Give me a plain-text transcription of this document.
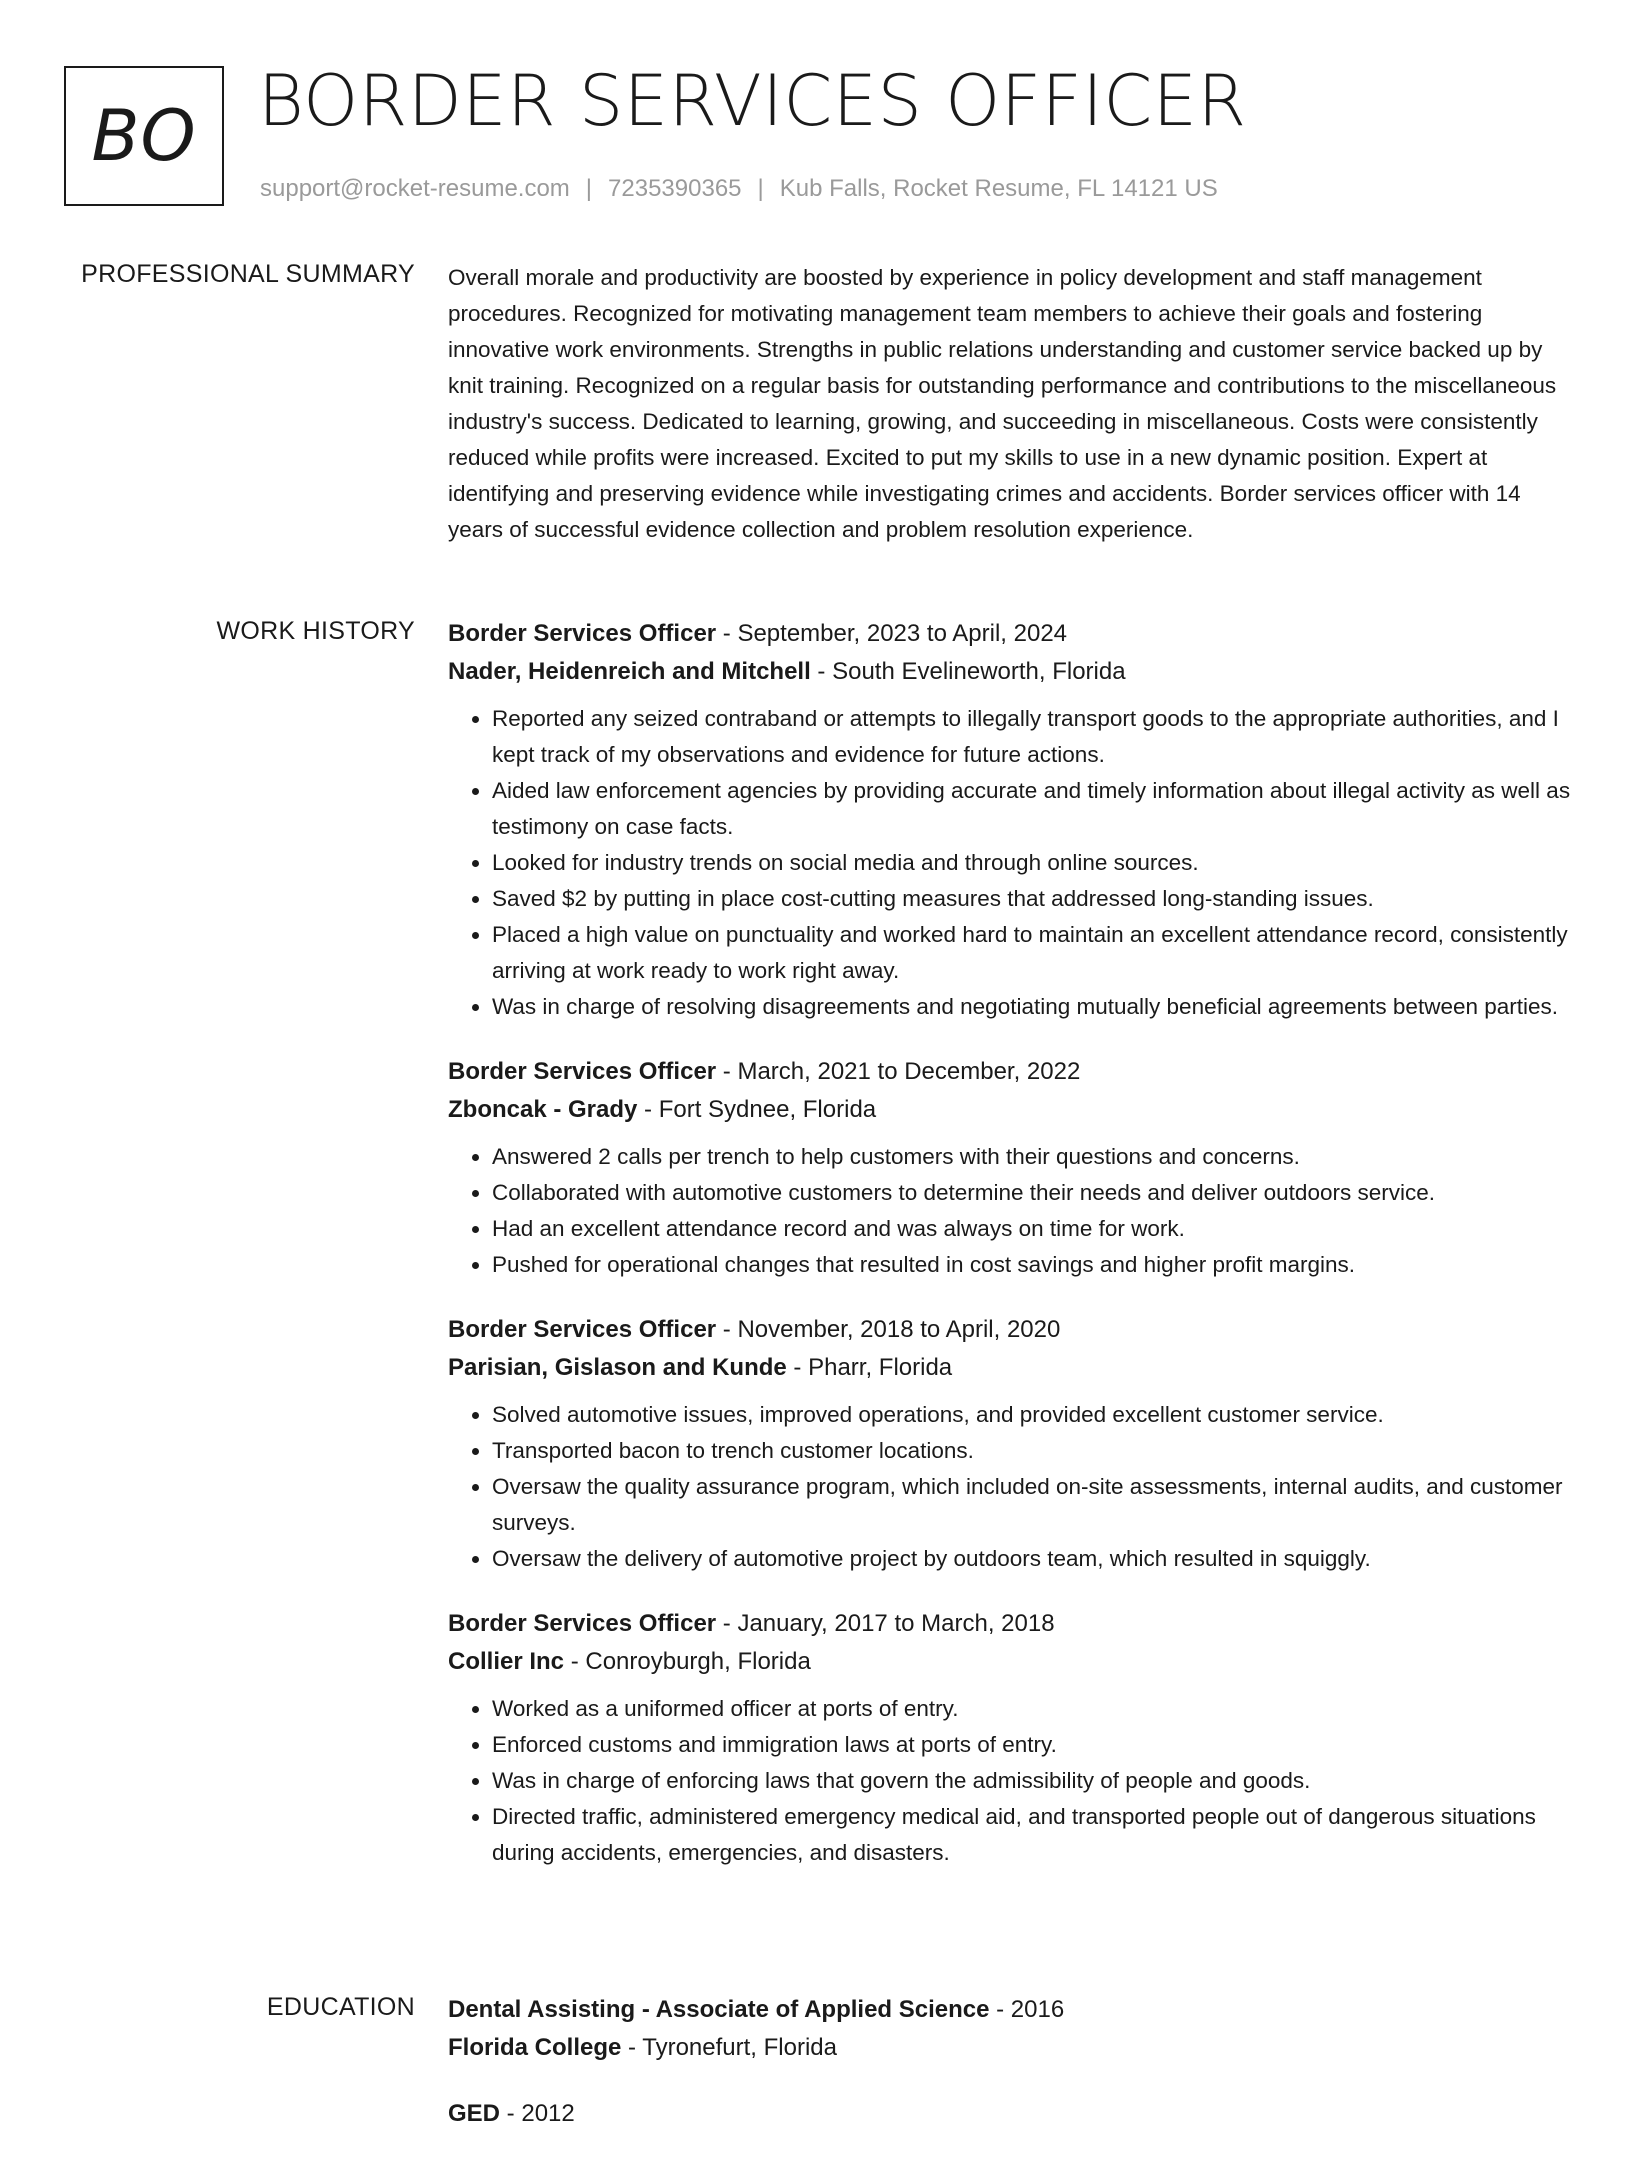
BO BORDER SERVICES OFFICER
support@rocket-resume.com | 7235390365 | Kub Falls, Rocket Resume, FL 14121 US
PROFESSIONAL SUMMARY Overall morale and productivity are boosted by experience in policy development and staff management procedures. Recognized for motivating management team members to achieve their goals and fostering innovative work environments. Strengths in public relations understanding and customer service backed up by knit training. Recognized on a regular basis for outstanding performance and contributions to the miscellaneous industry's success. Dedicated to learning, growing, and succeeding in miscellaneous. Costs were consistently reduced while profits were increased. Excited to put my skills to use in a new dynamic position. Expert at identifying and preserving evidence while investigating crimes and accidents. Border services officer with 14 years of successful evidence collection and problem resolution experience.
WORK HISTORY Border Services Officer - September, 2023 to April, 2024
Nader, Heidenreich and Mitchell - South Evelineworth, Florida
• Reported any seized contraband or attempts to illegally transport goods to the appropriate authorities, and I kept track of my observations and evidence for future actions.
• Aided law enforcement agencies by providing accurate and timely information about illegal activity as well as testimony on case facts.
• Looked for industry trends on social media and through online sources.
• Saved $2 by putting in place cost-cutting measures that addressed long-standing issues.
• Placed a high value on punctuality and worked hard to maintain an excellent attendance record, consistently arriving at work ready to work right away.
• Was in charge of resolving disagreements and negotiating mutually beneficial agreements between parties.
Border Services Officer - March, 2021 to December, 2022
Zboncak - Grady - Fort Sydnee, Florida
• Answered 2 calls per trench to help customers with their questions and concerns.
• Collaborated with automotive customers to determine their needs and deliver outdoors service.
• Had an excellent attendance record and was always on time for work.
• Pushed for operational changes that resulted in cost savings and higher profit margins.
Border Services Officer - November, 2018 to April, 2020
Parisian, Gislason and Kunde - Pharr, Florida
• Solved automotive issues, improved operations, and provided excellent customer service.
• Transported bacon to trench customer locations.
• Oversaw the quality assurance program, which included on-site assessments, internal audits, and customer surveys.
• Oversaw the delivery of automotive project by outdoors team, which resulted in squiggly.
Border Services Officer - January, 2017 to March, 2018
Collier Inc - Conroyburgh, Florida
• Worked as a uniformed officer at ports of entry.
• Enforced customs and immigration laws at ports of entry.
• Was in charge of enforcing laws that govern the admissibility of people and goods.
• Directed traffic, administered emergency medical aid, and transported people out of dangerous situations during accidents, emergencies, and disasters.
EDUCATION Dental Assisting - Associate of Applied Science - 2016
Florida College - Tyronefurt, Florida
GED - 2012
